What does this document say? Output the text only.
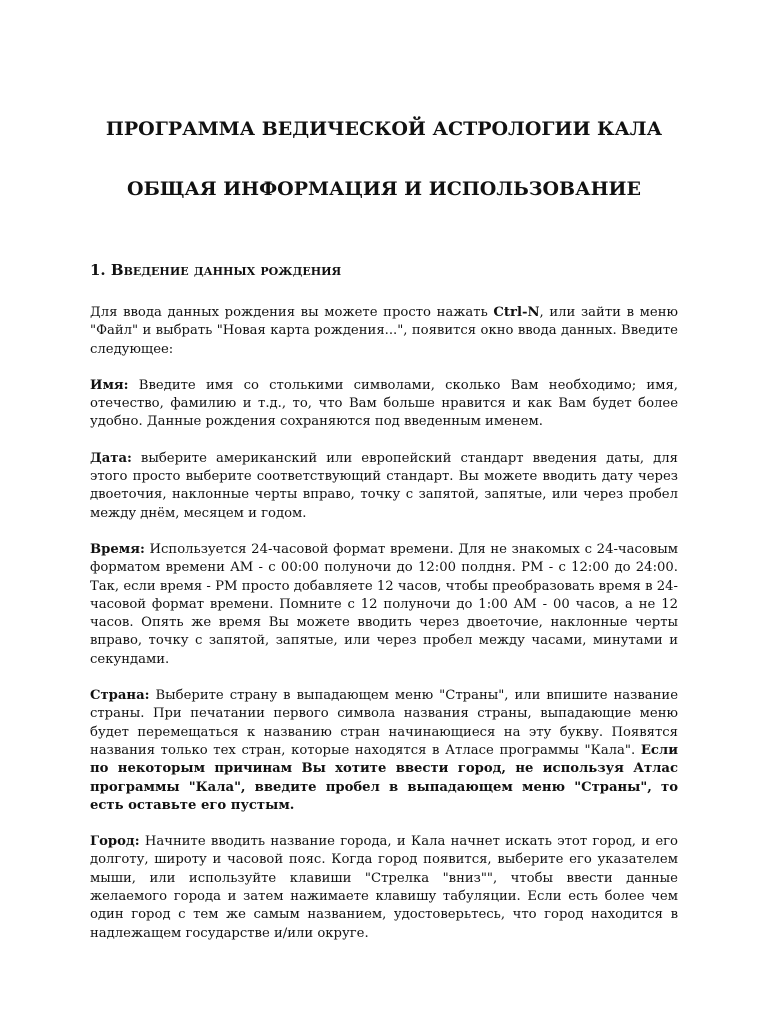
ПРОГРАММА ВЕДИЧЕСКОЙ АСТРОЛОГИИ КАЛА
ОБЩАЯ ИНФОРМАЦИЯ И ИСПОЛЬЗОВАНИЕ
1. Введение данных рождения

Для ввода данных рождения вы можете просто нажать Ctrl-N, или зайти в меню "Файл" и выбрать "Новая карта рождения...", появится окно ввода данных. Введите следующее:

Имя: Введите имя со столькими символами, сколько Вам необходимо; имя, отечество, фамилию и т.д., то, что Вам больше нравится и как Вам будет более удобно. Данные рождения сохраняются под введенным именем.

Дата: выберите американский или европейский стандарт введения даты, для этого просто выберите соответствующий стандарт. Вы можете вводить дату через двоеточия, наклонные черты вправо, точку с запятой, запятые, или через пробел между днём, месяцем и годом.

Время: Используется 24-часовой формат времени. Для не знакомых с 24-часовым форматом времени AM - с 00:00 полуночи до 12:00 полдня. PM - с 12:00 до 24:00. Так, если время - PM просто добавляете 12 часов, чтобы преобразовать время в 24-часовой формат времени. Помните с 12 полуночи до 1:00 AM - 00 часов, а не 12 часов. Опять же время Вы можете вводить через двоеточие, наклонные черты вправо, точку с запятой, запятые, или через пробел между часами, минутами и секундами.

Страна: Выберите страну в выпадающем меню "Страны", или впишите название страны. При печатании первого символа названия страны, выпадающие меню будет перемещаться к названию стран начинающиеся на эту букву. Появятся названия только тех стран, которые находятся в Атласе программы "Кала". Если по некоторым причинам Вы хотите ввести город, не используя Атлас программы "Кала", введите пробел в выпадающем меню "Страны", то есть оставьте его пустым.

Город: Начните вводить название города, и Кала начнет искать этот город, и его долготу, широту и часовой пояс. Когда город появится, выберите его указателем мыши, или используйте клавиши "Стрелка "вниз"", чтобы ввести данные желаемого города и затем нажимаете клавишу табуляции. Если есть более чем один город с тем же самым названием, удостоверьтесь, что город находится в надлежащем государстве и/или округе.
